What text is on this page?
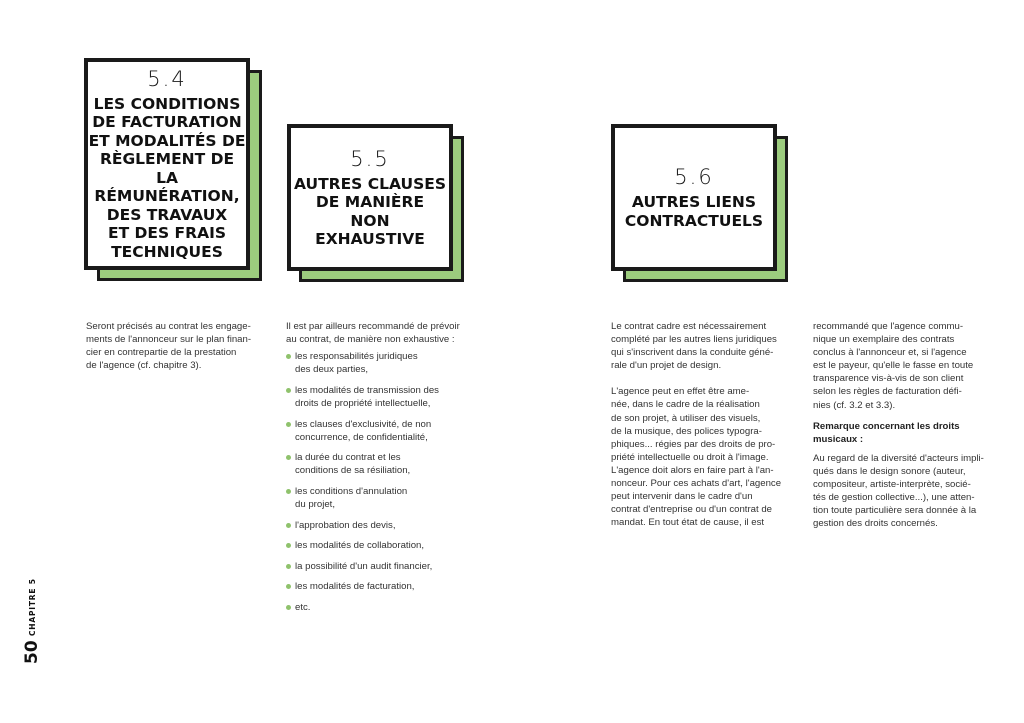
5.4
LES CONDITIONS
DE FACTURATION
ET MODALITÉS DE
RÈGLEMENT DE LA
RÉMUNÉRATION,
DES TRAVAUX
ET DES FRAIS
TECHNIQUES
5.5
AUTRES CLAUSES
DE MANIÈRE
NON
EXHAUSTIVE
5.6
AUTRES LIENS
CONTRACTUELS

Seront précisés au contrat les engage-

ments de l'annonceur sur le plan finan-

cier en contrepartie de la prestation

de l'agence (cf. chapitre 3).

Il est par ailleurs recommandé de prévoir

au contrat, de manière non exhaustive :

les responsabilités juridiques
des deux parties,
les modalités de transmission des
droits de propriété intellectuelle,
les clauses d'exclusivité, de non
concurrence, de confidentialité,
la durée du contrat et les
conditions de sa résiliation,
les conditions d'annulation
du projet,
l'approbation des devis,
les modalités de collaboration,
la possibilité d'un audit financier,
les modalités de facturation,
etc.

Le contrat cadre est nécessairement

complété par les autres liens juridiques

qui s'inscrivent dans la conduite géné-

rale d'un projet de design.

L'agence peut en effet être ame-

née, dans le cadre de la réalisation

de son projet, à utiliser des visuels,

de la musique, des polices typogra-

phiques... régies par des droits de pro-

priété intellectuelle ou droit à l'image.

L'agence doit alors en faire part à l'an-

nonceur. Pour ces achats d'art, l'agence

peut intervenir dans le cadre d'un

contrat d'entreprise ou d'un contrat de

mandat. En tout état de cause, il est

recommandé que l'agence commu-

nique un exemplaire des contrats

conclus à l'annonceur et, si l'agence

est le payeur, qu'elle le fasse en toute

transparence vis-à-vis de son client

selon les règles de facturation défi-

nies (cf. 3.2 et 3.3).

Remarque concernant les droits

musicaux :

Au regard de la diversité d'acteurs impli-

qués dans le design sonore (auteur,

compositeur, artiste-interprète, socié-

tés de gestion collective...), une atten-

tion toute particulière sera donnée à la

gestion des droits concernés.

50
CHAPITRE 5
